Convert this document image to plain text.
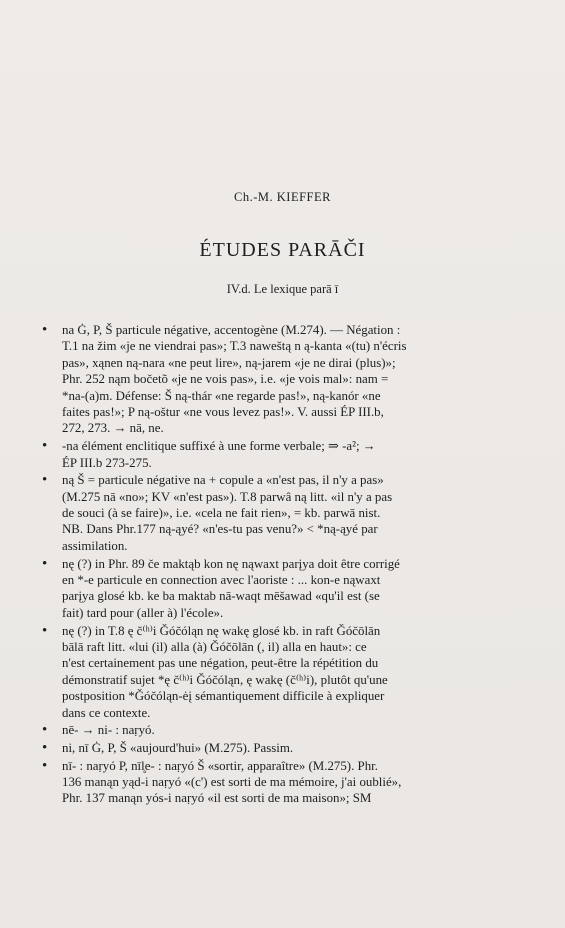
Ch.-M. KIEFFER
ÉTUDES PARĀČI
IV.d. Le lexique parā ī
• na Ġ, P, Š particule négative, accentogène (M.274). — Négation :
T.1 na žim «je ne viendrai pas»; T.3 naweštą n ą-kanta «(tu) n'écris
pas», xąnen ną-nara «ne peut lire», ną-jarem «je ne dirai (plus)»;
Phr. 252 nąm bočetõ «je ne vois pas», i.e. «je vois mal»: nam =
*na-(a)m. Défense: Š ną-thár «ne regarde pas!», ną-kanór «ne
faites pas!»; P ną-oštur «ne vous levez pas!». V. aussi ÉP III.b,
272, 273. → nā, ne.
• -na élément enclitique suffixé à une forme verbale; ⇒ -a²; →
ÉP III.b 273-275.
• ną Š = particule négative na + copule a «n'est pas, il n'y a pas»
(M.275 nā «no»; KV «n'est pas»). T.8 parwâ ną litt. «il n'y a pas
de souci (à se faire)», i.e. «cela ne fait rien», = kb. parwā nist.
NB. Dans Phr.177 ną-ąyé? «n'es-tu pas venu?» < *ną-ąyé par
assimilation.
• nę (?) in Phr. 89 če maktąb kon nę nąwaxt parįya doit être corrigé
en *-e particule en connection avec l'aoriste : ... kon-e nąwaxt
parįya glosé kb. ke ba maktab nā-waqt mēšawad «qu'il est (se
fait) tard pour (aller à) l'école».
• nę (?) in T.8 ę č⁽ʰ⁾i Ǧóčóląn nę wakę glosé kb. in raft Ǧóčōlān
bālā raft litt. «lui (il) alla (à) Ǧóčōlān (, il) alla en haut»: ce
n'est certainement pas une négation, peut-être la répétition du
démonstratif sujet *ę č⁽ʰ⁾i Ǧóčóląn, ę wakę (č⁽ʰ⁾i), plutôt qu'une
postposition *Ǧóčóląn-ėį sémantiquement difficile à expliquer
dans ce contexte.
• nē- → ni- : naṛyó.
• ni, nī Ġ, P, Š «aujourd'hui» (M.275). Passim.
• nī- : naṛyó P, nīl̥e- : naṛyó Š «sortir, apparaître» (M.275). Phr.
136 manąn yąd-i naṛyó «(c') est sorti de ma mémoire, j'ai oublié»,
Phr. 137 manąn yós-i naṛyó «il est sorti de ma maison»; SM
